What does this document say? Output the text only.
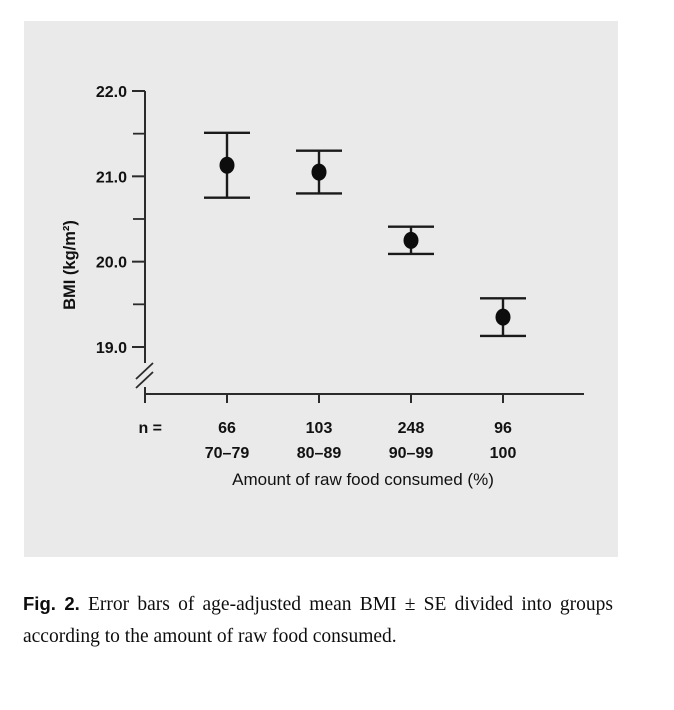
22.0
21.0
20.0
19.0
BMI (kg/m²)
n =	66	103	248	96
70–79	80–89	90–99	100
Amount of raw food consumed (%)

Fig. 2. Error bars of age-adjusted mean BMI ± SE divided into groups according to the amount of raw food consumed.
